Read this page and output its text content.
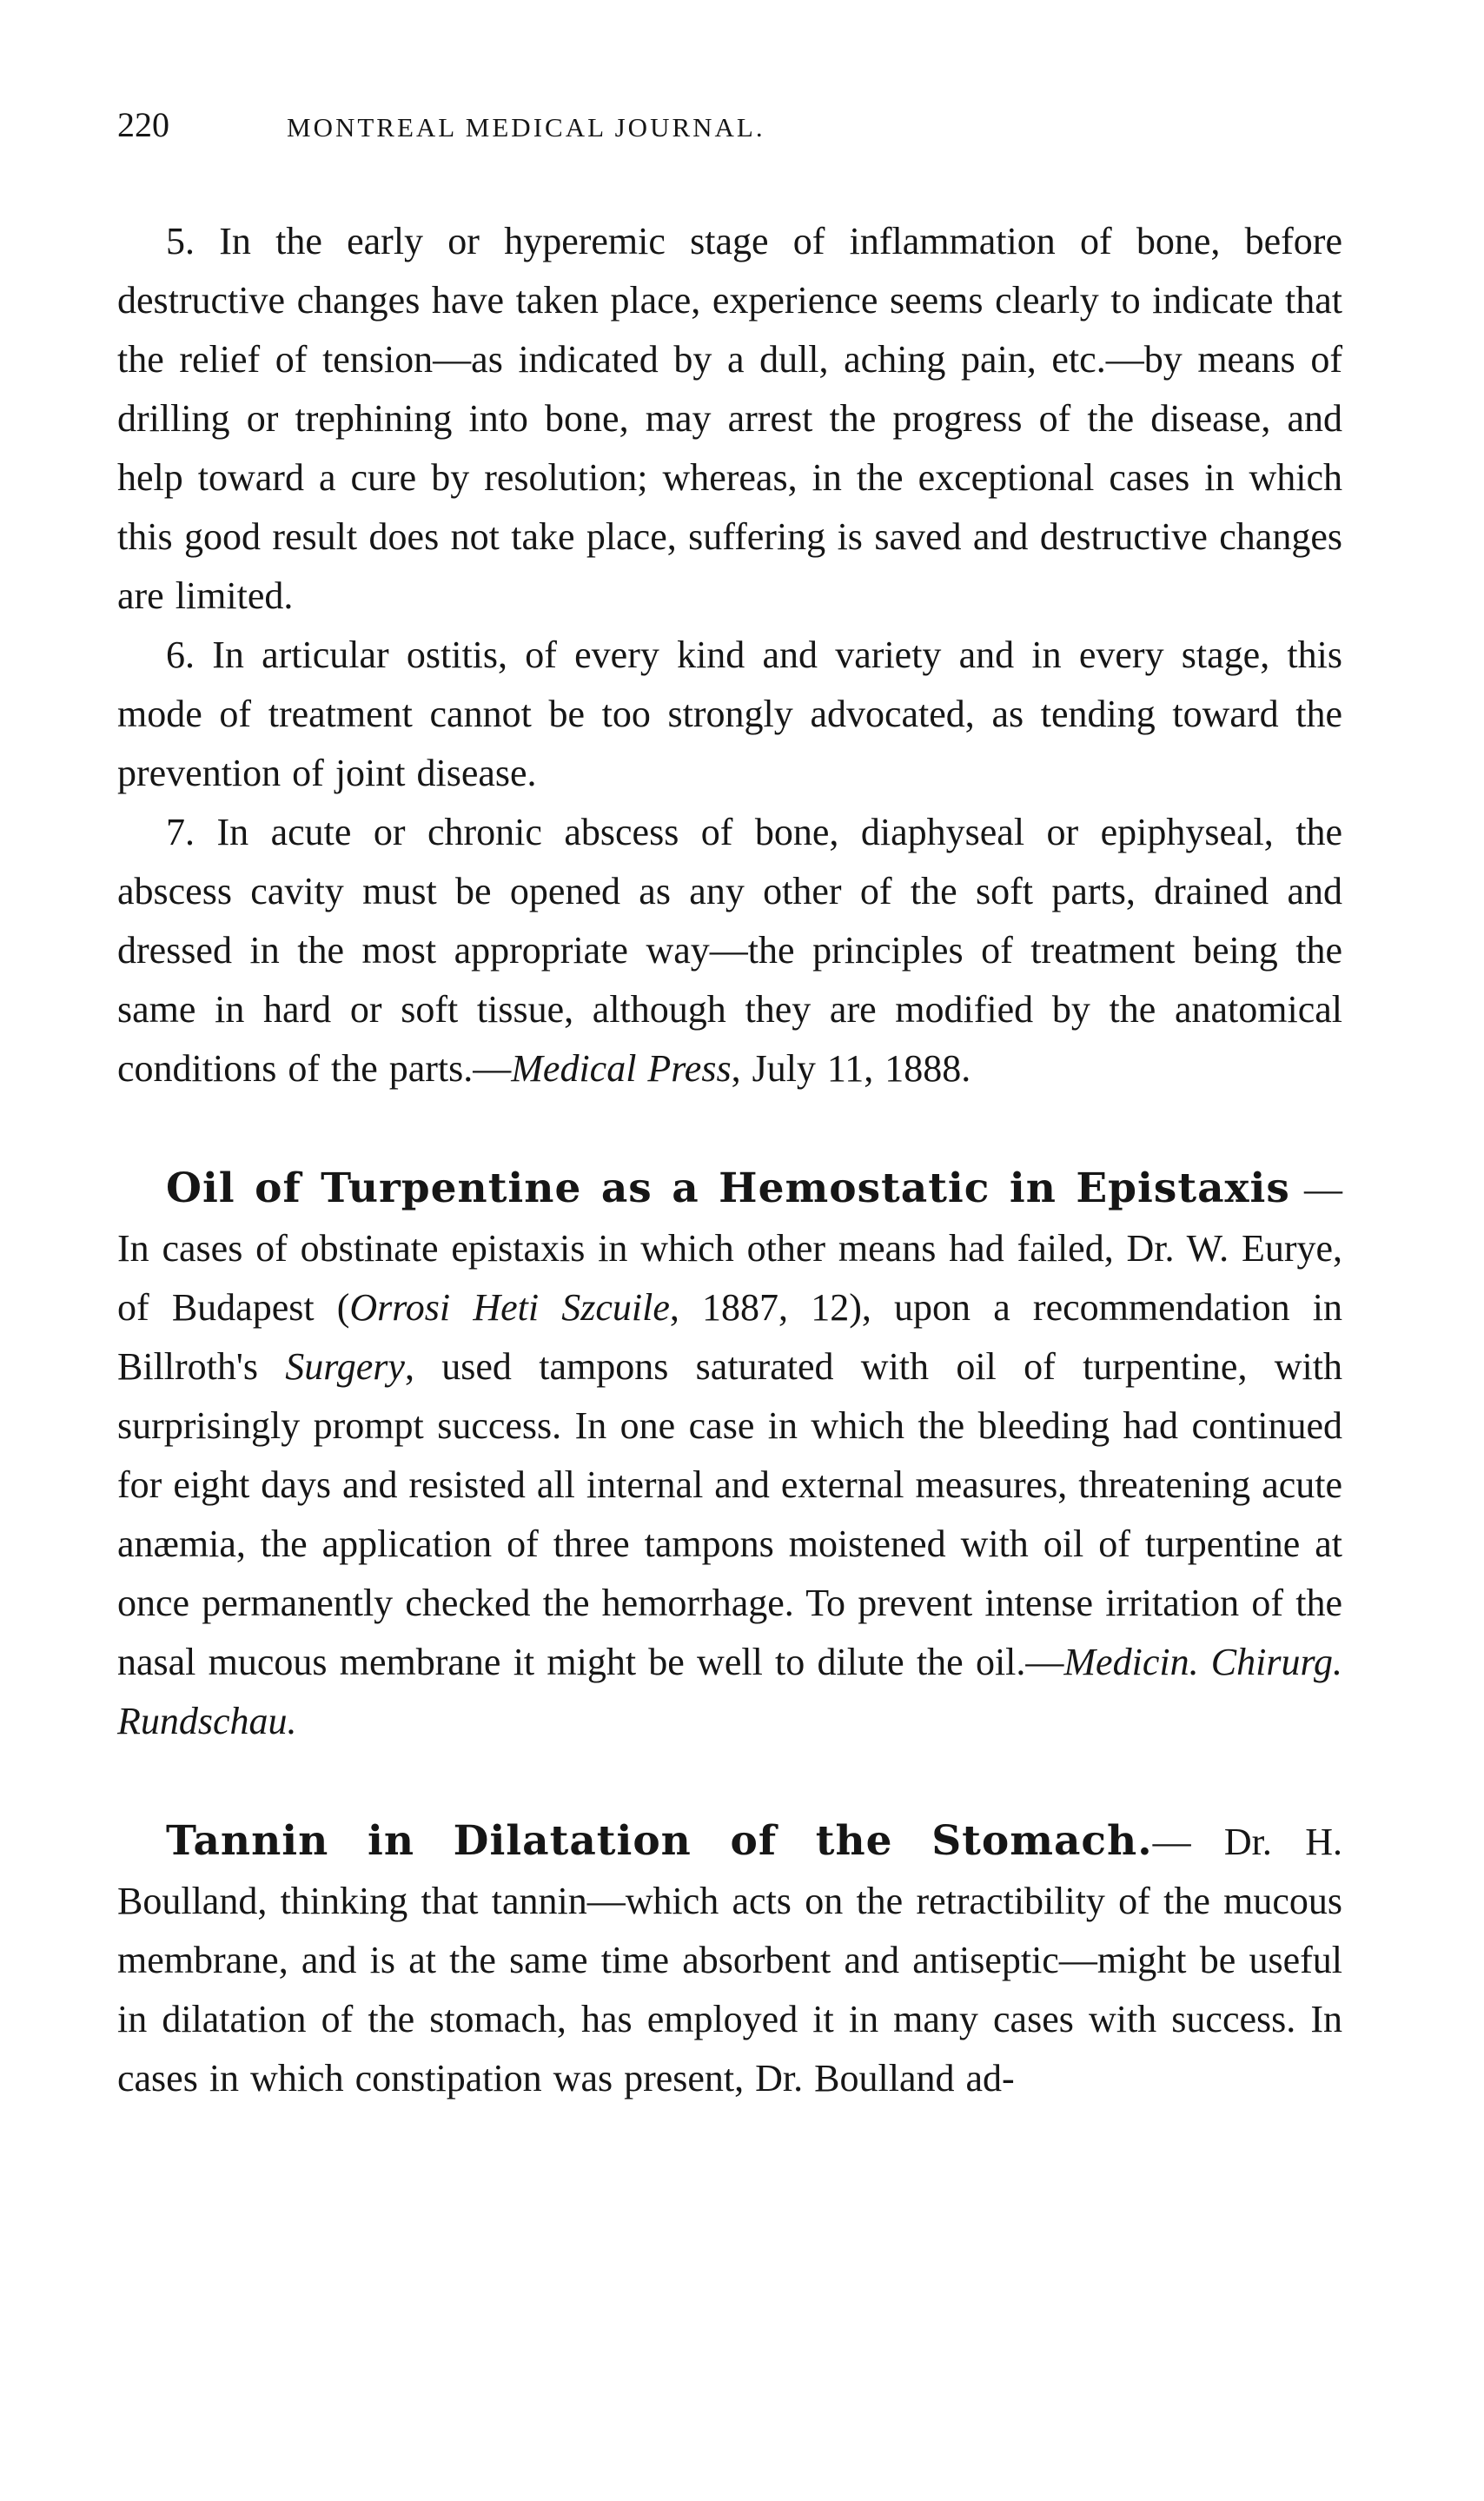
220	MONTREAL MEDICAL JOURNAL.

5. In the early or hyperemic stage of inflammation of bone, before destructive changes have taken place, experience seems clearly to indicate that the relief of tension—as indicated by a dull, aching pain, etc.—by means of drilling or trephining into bone, may arrest the progress of the disease, and help toward a cure by resolution; whereas, in the exceptional cases in which this good result does not take place, suffering is saved and destructive changes are limited.

6. In articular ostitis, of every kind and variety and in every stage, this mode of treatment cannot be too strongly advocated, as tending toward the prevention of joint disease.

7. In acute or chronic abscess of bone, diaphyseal or epiphyseal, the abscess cavity must be opened as any other of the soft parts, drained and dressed in the most appropriate way—the principles of treatment being the same in hard or soft tissue, although they are modified by the anatomical conditions of the parts.—Medical Press, July 11, 1888.

Oil of Turpentine as a Hemostatic in Epistaxis —In cases of obstinate epistaxis in which other means had failed, Dr. W. Eurye, of Budapest (Orrosi Heti Szcuile, 1887, 12), upon a recommendation in Billroth's Surgery, used tampons saturated with oil of turpentine, with surprisingly prompt success. In one case in which the bleeding had continued for eight days and resisted all internal and external measures, threatening acute anæmia, the application of three tampons moistened with oil of turpentine at once permanently checked the hemorrhage. To prevent intense irritation of the nasal mucous membrane it might be well to dilute the oil.—Medicin. Chirurg. Rundschau.

Tannin in Dilatation of the Stomach.— Dr. H. Boulland, thinking that tannin—which acts on the retractibility of the mucous membrane, and is at the same time absorbent and antiseptic—might be useful in dilatation of the stomach, has employed it in many cases with success. In cases in which constipation was present, Dr. Boulland ad-
